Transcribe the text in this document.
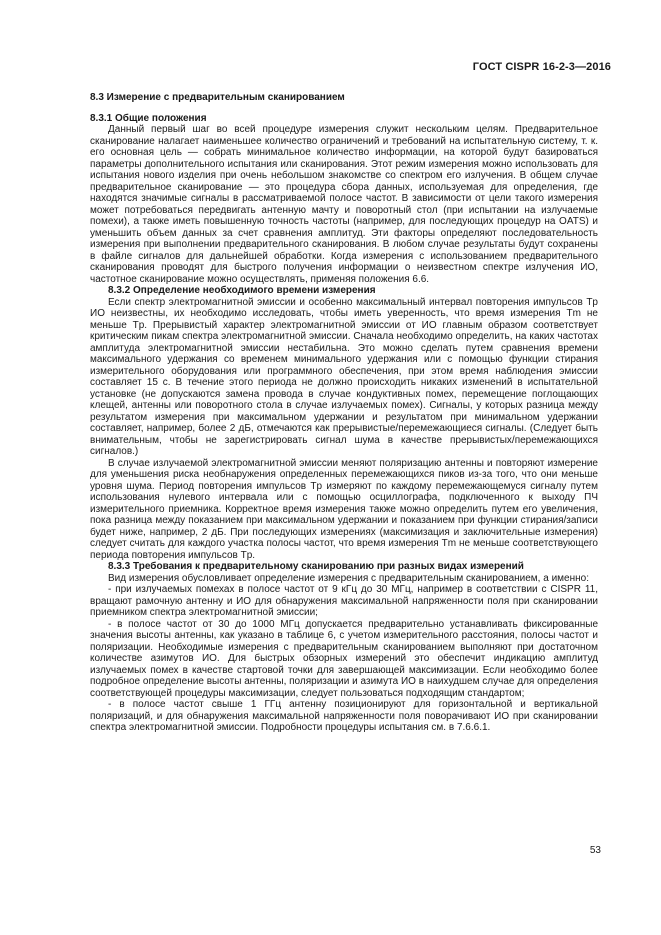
ГОСТ CISPR 16-2-3—2016
8.3 Измерение с предварительным сканированием
8.3.1 Общие положения

Данный первый шаг во всей процедуре измерения служит нескольким целям. Предварительное сканирование налагает наименьшее количество ограничений и требований на испытательную систему, т. к. его основная цель — собрать минимальное количество информации, на которой будут базироваться параметры дополнительного испытания или сканирования. Этот режим измерения можно использовать для испытания нового изделия при очень небольшом знакомстве со спектром его излучения. В общем случае предварительное сканирование — это процедура сбора данных, используемая для определения, где находятся значимые сигналы в рассматриваемой полосе частот. В зависимости от цели такого измерения может потребоваться передвигать антенную мачту и поворотный стол (при испытании на излучаемые помехи), а также иметь повышенную точность частоты (например, для последующих процедур на OATS) и уменьшить объем данных за счет сравнения амплитуд. Эти факторы определяют последовательность измерения при выполнении предварительного сканирования. В любом случае результаты будут сохранены в файле сигналов для дальнейшей обработки. Когда измерения с использованием предварительного сканирования проводят для быстрого получения информации о неизвестном спектре излучения ИО, частотное сканирование можно осуществлять, применяя положения 6.6.

8.3.2 Определение необходимого времени измерения

Если спектр электромагнитной эмиссии и особенно максимальный интервал повторения импульсов Tp ИО неизвестны, их необходимо исследовать, чтобы иметь уверенность, что время измерения Tm не меньше Tp. Прерывистый характер электромагнитной эмиссии от ИО главным образом соответствует критическим пикам спектра электромагнитной эмиссии. Сначала необходимо определить, на каких частотах амплитуда электромагнитной эмиссии нестабильна. Это можно сделать путем сравнения времени максимального удержания со временем минимального удержания или с помощью функции стирания измерительного оборудования или программного обеспечения, при этом время наблюдения эмиссии составляет 15 с. В течение этого периода не должно происходить никаких изменений в испытательной установке (не допускаются замена провода в случае кондуктивных помех, перемещение поглощающих клещей, антенны или поворотного стола в случае излучаемых помех). Сигналы, у которых разница между результатом измерения при максимальном удержании и результатом при минимальном удержании составляет, например, более 2 дБ, отмечаются как прерывистые/перемежающиеся сигналы. (Следует быть внимательным, чтобы не зарегистрировать сигнал шума в качестве прерывистых/перемежающихся сигналов.)

В случае излучаемой электромагнитной эмиссии меняют поляризацию антенны и повторяют измерение для уменьшения риска необнаружения определенных перемежающихся пиков из-за того, что они меньше уровня шума. Период повторения импульсов Tp измеряют по каждому перемежающемуся сигналу путем использования нулевого интервала или с помощью осциллографа, подключенного к выходу ПЧ измерительного приемника. Корректное время измерения также можно определить путем его увеличения, пока разница между показанием при максимальном удержании и показанием при функции стирания/записи будет ниже, например, 2 дБ. При последующих измерениях (максимизация и заключительные измерения) следует считать для каждого участка полосы частот, что время измерения Tm не меньше соответствующего периода повторения импульсов Tp.

8.3.3 Требования к предварительному сканированию при разных видах измерений

Вид измерения обусловливает определение измерения с предварительным сканированием, а именно:

- при излучаемых помехах в полосе частот от 9 кГц до 30 МГц, например в соответствии с CISPR 11, вращают рамочную антенну и ИО для обнаружения максимальной напряженности поля при сканировании приемником спектра электромагнитной эмиссии;

- в полосе частот от 30 до 1000 МГц допускается предварительно устанавливать фиксированные значения высоты антенны, как указано в таблице 6, с учетом измерительного расстояния, полосы частот и поляризации. Необходимые измерения с предварительным сканированием выполняют при достаточном количестве азимутов ИО. Для быстрых обзорных измерений это обеспечит индикацию амплитуд излучаемых помех в качестве стартовой точки для завершающей максимизации. Если необходимо более подробное определение высоты антенны, поляризации и азимута ИО в наихудшем случае для определения соответствующей процедуры максимизации, следует пользоваться подходящим стандартом;

- в полосе частот свыше 1 ГГц антенну позиционируют для горизонтальной и вертикальной поляризаций, и для обнаружения максимальной напряженности поля поворачивают ИО при сканировании спектра электромагнитной эмиссии. Подробности процедуры испытания см. в 7.6.6.1.

53
